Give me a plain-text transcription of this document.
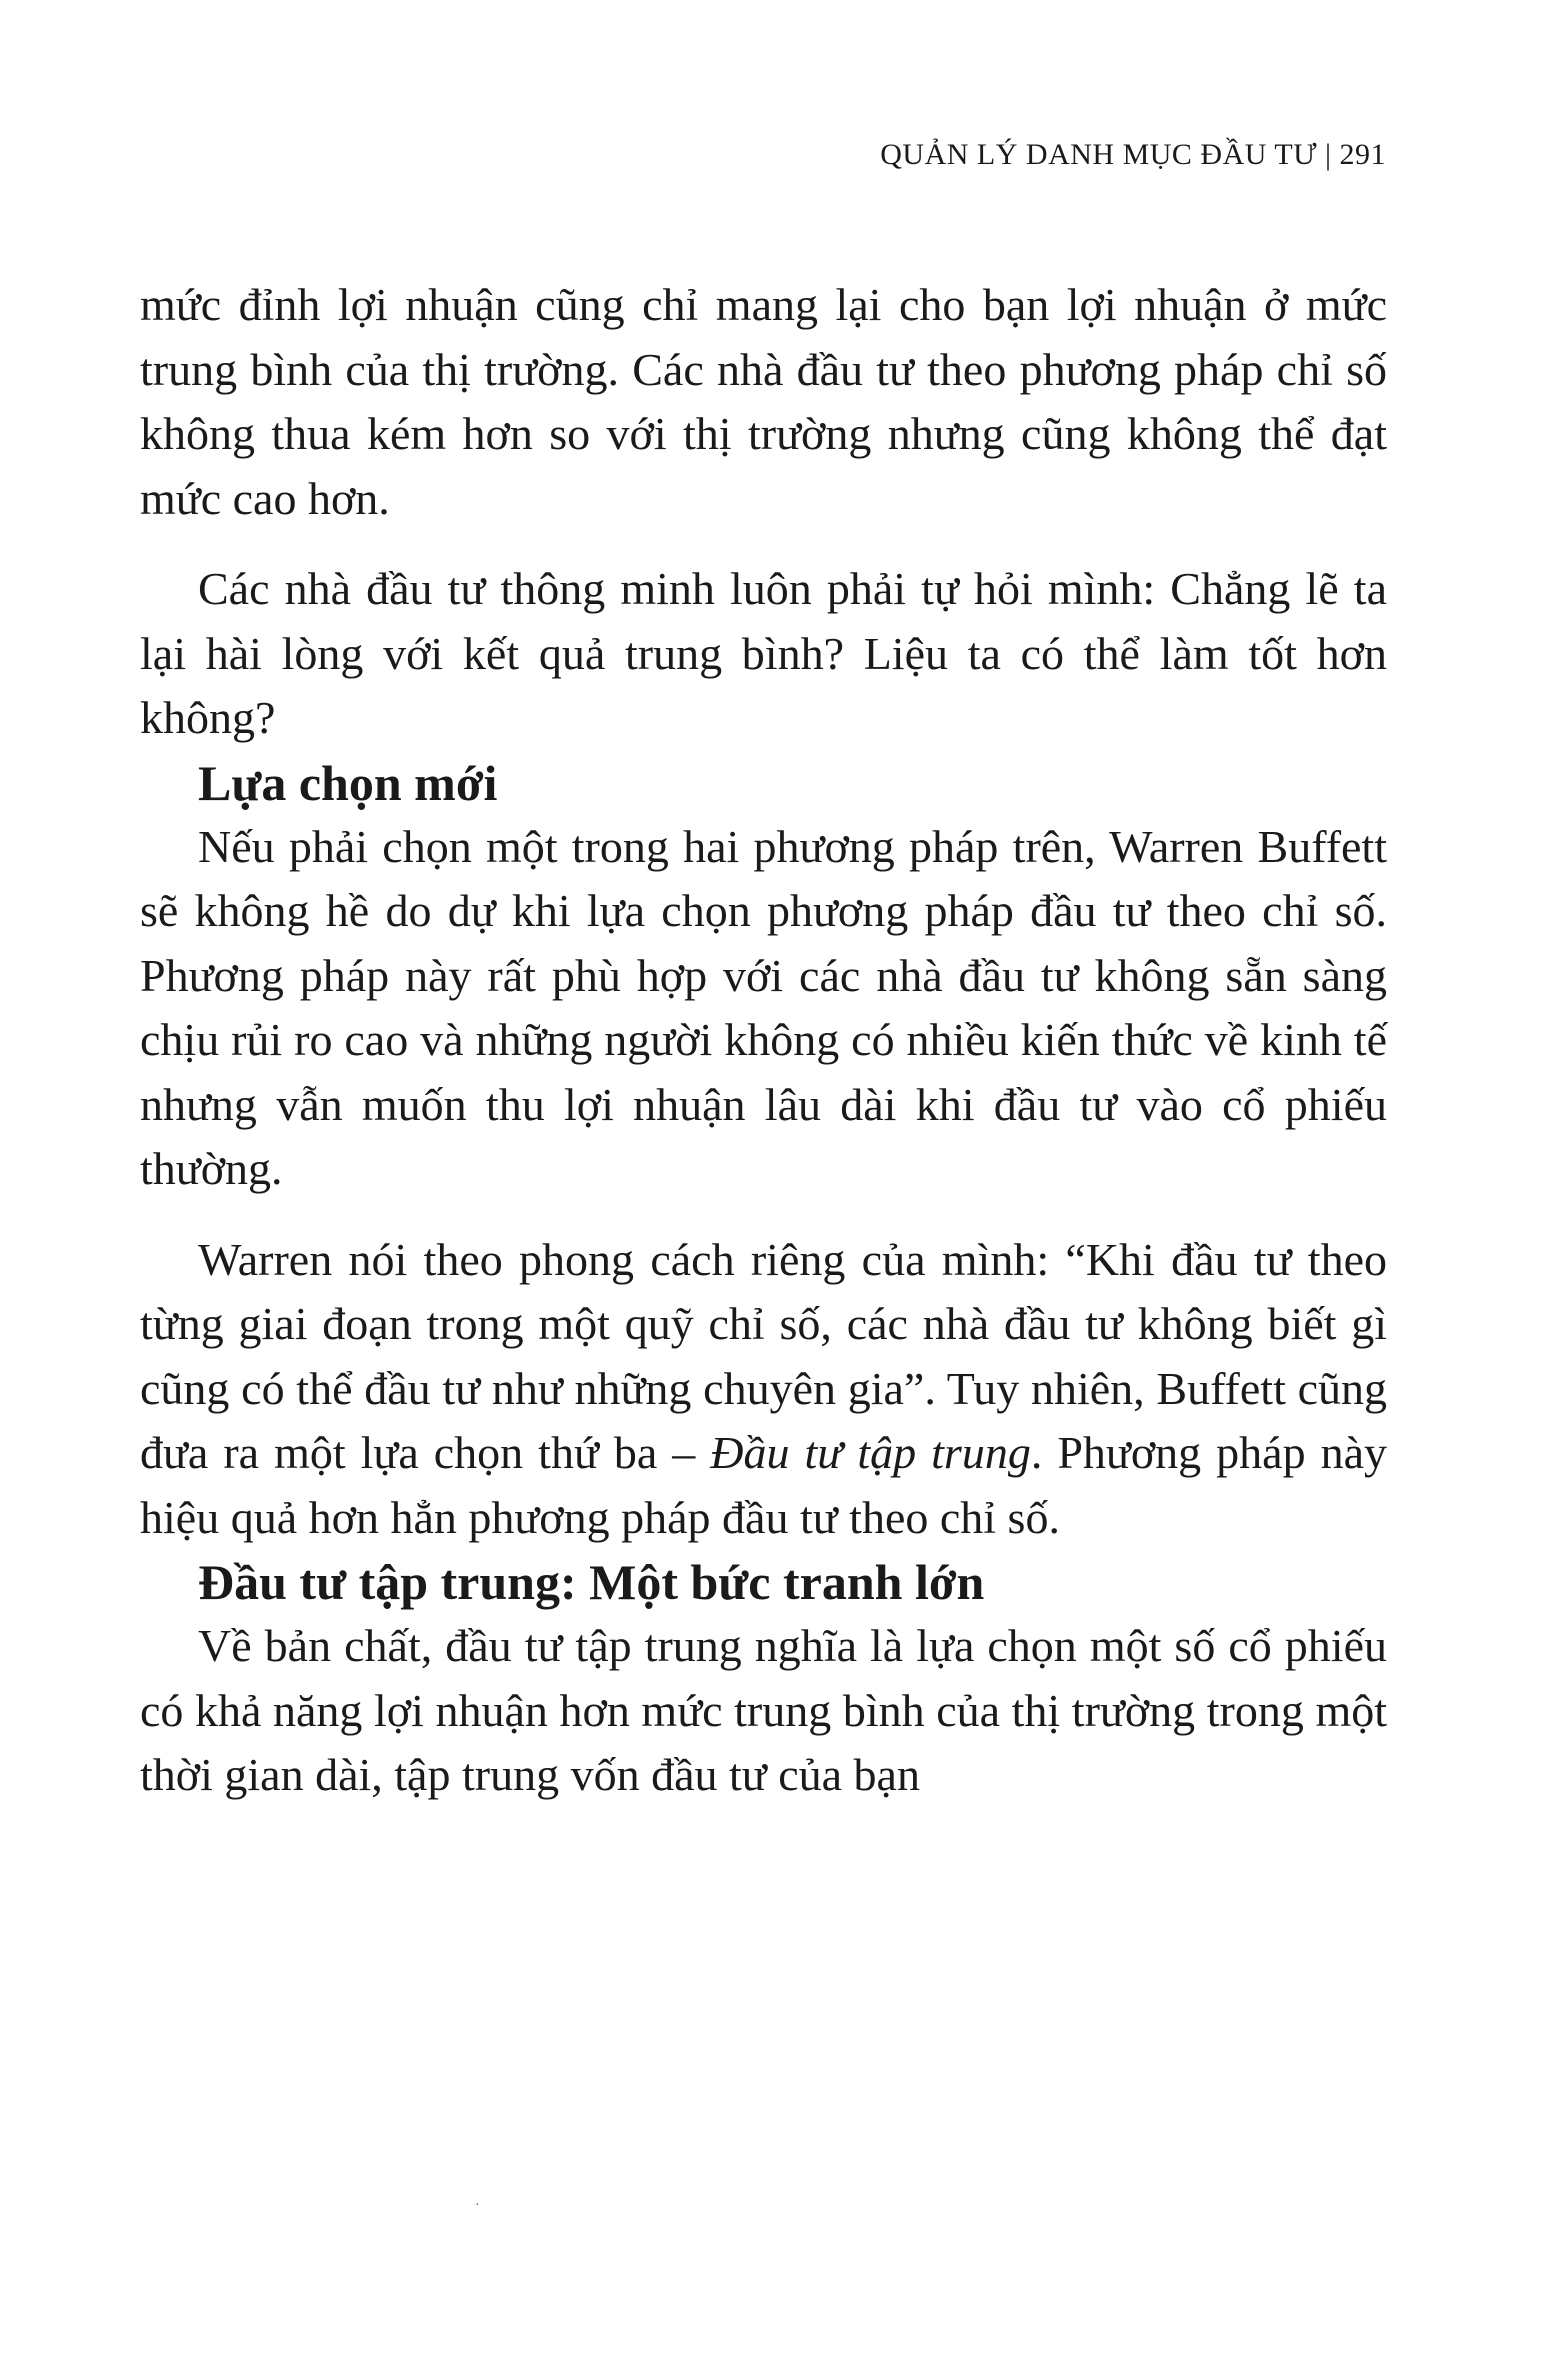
QUẢN LÝ DANH MỤC ĐẦU TƯ | 291

mức đỉnh lợi nhuận cũng chỉ mang lại cho bạn lợi nhuận ở mức trung bình của thị trường. Các nhà đầu tư theo phương pháp chỉ số không thua kém hơn so với thị trường nhưng cũng không thể đạt mức cao hơn.

Các nhà đầu tư thông minh luôn phải tự hỏi mình: Chẳng lẽ ta lại hài lòng với kết quả trung bình? Liệu ta có thể làm tốt hơn không?

Lựa chọn mới

Nếu phải chọn một trong hai phương pháp trên, Warren Buffett sẽ không hề do dự khi lựa chọn phương pháp đầu tư theo chỉ số. Phương pháp này rất phù hợp với các nhà đầu tư không sẵn sàng chịu rủi ro cao và những người không có nhiều kiến thức về kinh tế nhưng vẫn muốn thu lợi nhuận lâu dài khi đầu tư vào cổ phiếu thường.

Warren nói theo phong cách riêng của mình: “Khi đầu tư theo từng giai đoạn trong một quỹ chỉ số, các nhà đầu tư không biết gì cũng có thể đầu tư như những chuyên gia”. Tuy nhiên, Buffett cũng đưa ra một lựa chọn thứ ba – Đầu tư tập trung. Phương pháp này hiệu quả hơn hẳn phương pháp đầu tư theo chỉ số.

Đầu tư tập trung: Một bức tranh lớn

Về bản chất, đầu tư tập trung nghĩa là lựa chọn một số cổ phiếu có khả năng lợi nhuận hơn mức trung bình của thị trường trong một thời gian dài, tập trung vốn đầu tư của bạn

·
